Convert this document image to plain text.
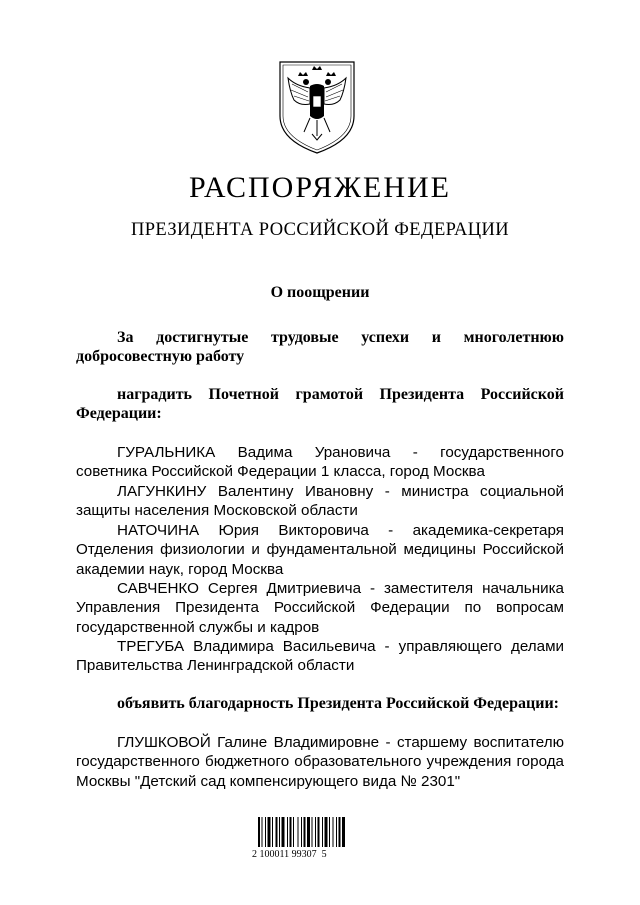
РАСПОРЯЖЕНИЕ
ПРЕЗИДЕНТА РОССИЙСКОЙ ФЕДЕРАЦИИ
О поощрении
За достигнутые трудовые успехи и многолетнюю добросовестную работу
наградить Почетной грамотой Президента Российской Федерации:
ГУРАЛЬНИКА Вадима Урановича - государственного советника Российской Федерации 1 класса, город Москва
ЛАГУНКИНУ Валентину Ивановну - министра социальной защиты населения Московской области
НАТОЧИНА Юрия Викторовича - академика-секретаря Отделения физиологии и фундаментальной медицины Российской академии наук, город Москва
САВЧЕНКО Сергея Дмитриевича - заместителя начальника Управления Президента Российской Федерации по вопросам государственной службы и кадров
ТРЕГУБА Владимира Васильевича - управляющего делами Правительства Ленинградской области
объявить благодарность Президента Российской Федерации:
ГЛУШКОВОЙ Галине Владимировне - старшему воспитателю государственного бюджетного образовательного учреждения города Москвы "Детский сад компенсирующего вида № 2301"
2 100011 99307  5
